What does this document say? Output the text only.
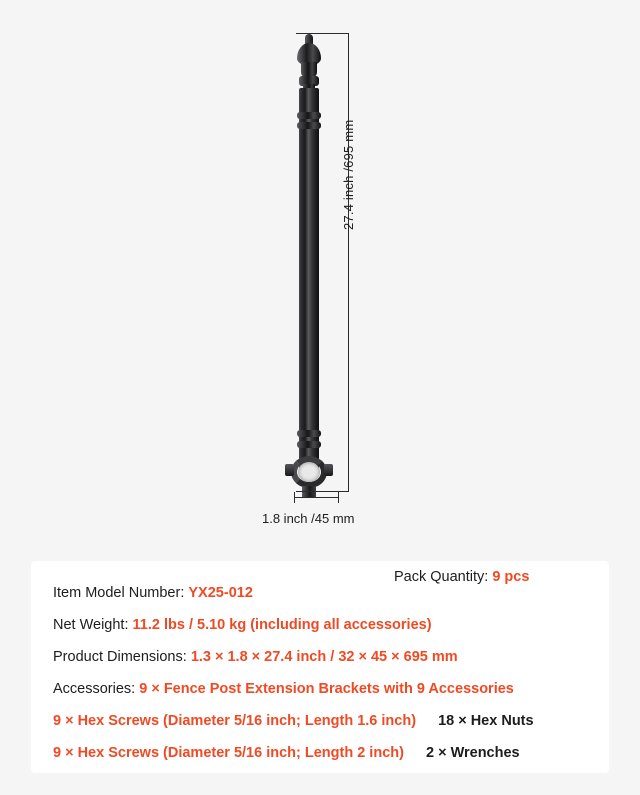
27.4 inch /695 mm
1.8 inch /45 mm
Item Model Number: YX25-012
Pack Quantity: 9 pcs
Net Weight: 11.2 lbs / 5.10 kg (including all accessories)
Product Dimensions: 1.3 × 1.8 × 27.4 inch / 32 × 45 × 695 mm
Accessories: 9 × Fence Post Extension Brackets with 9 Accessories
9 × Hex Screws (Diameter 5/16 inch; Length 1.6 inch) 18 × Hex Nuts
9 × Hex Screws (Diameter 5/16 inch; Length 2 inch) 2 × Wrenches
